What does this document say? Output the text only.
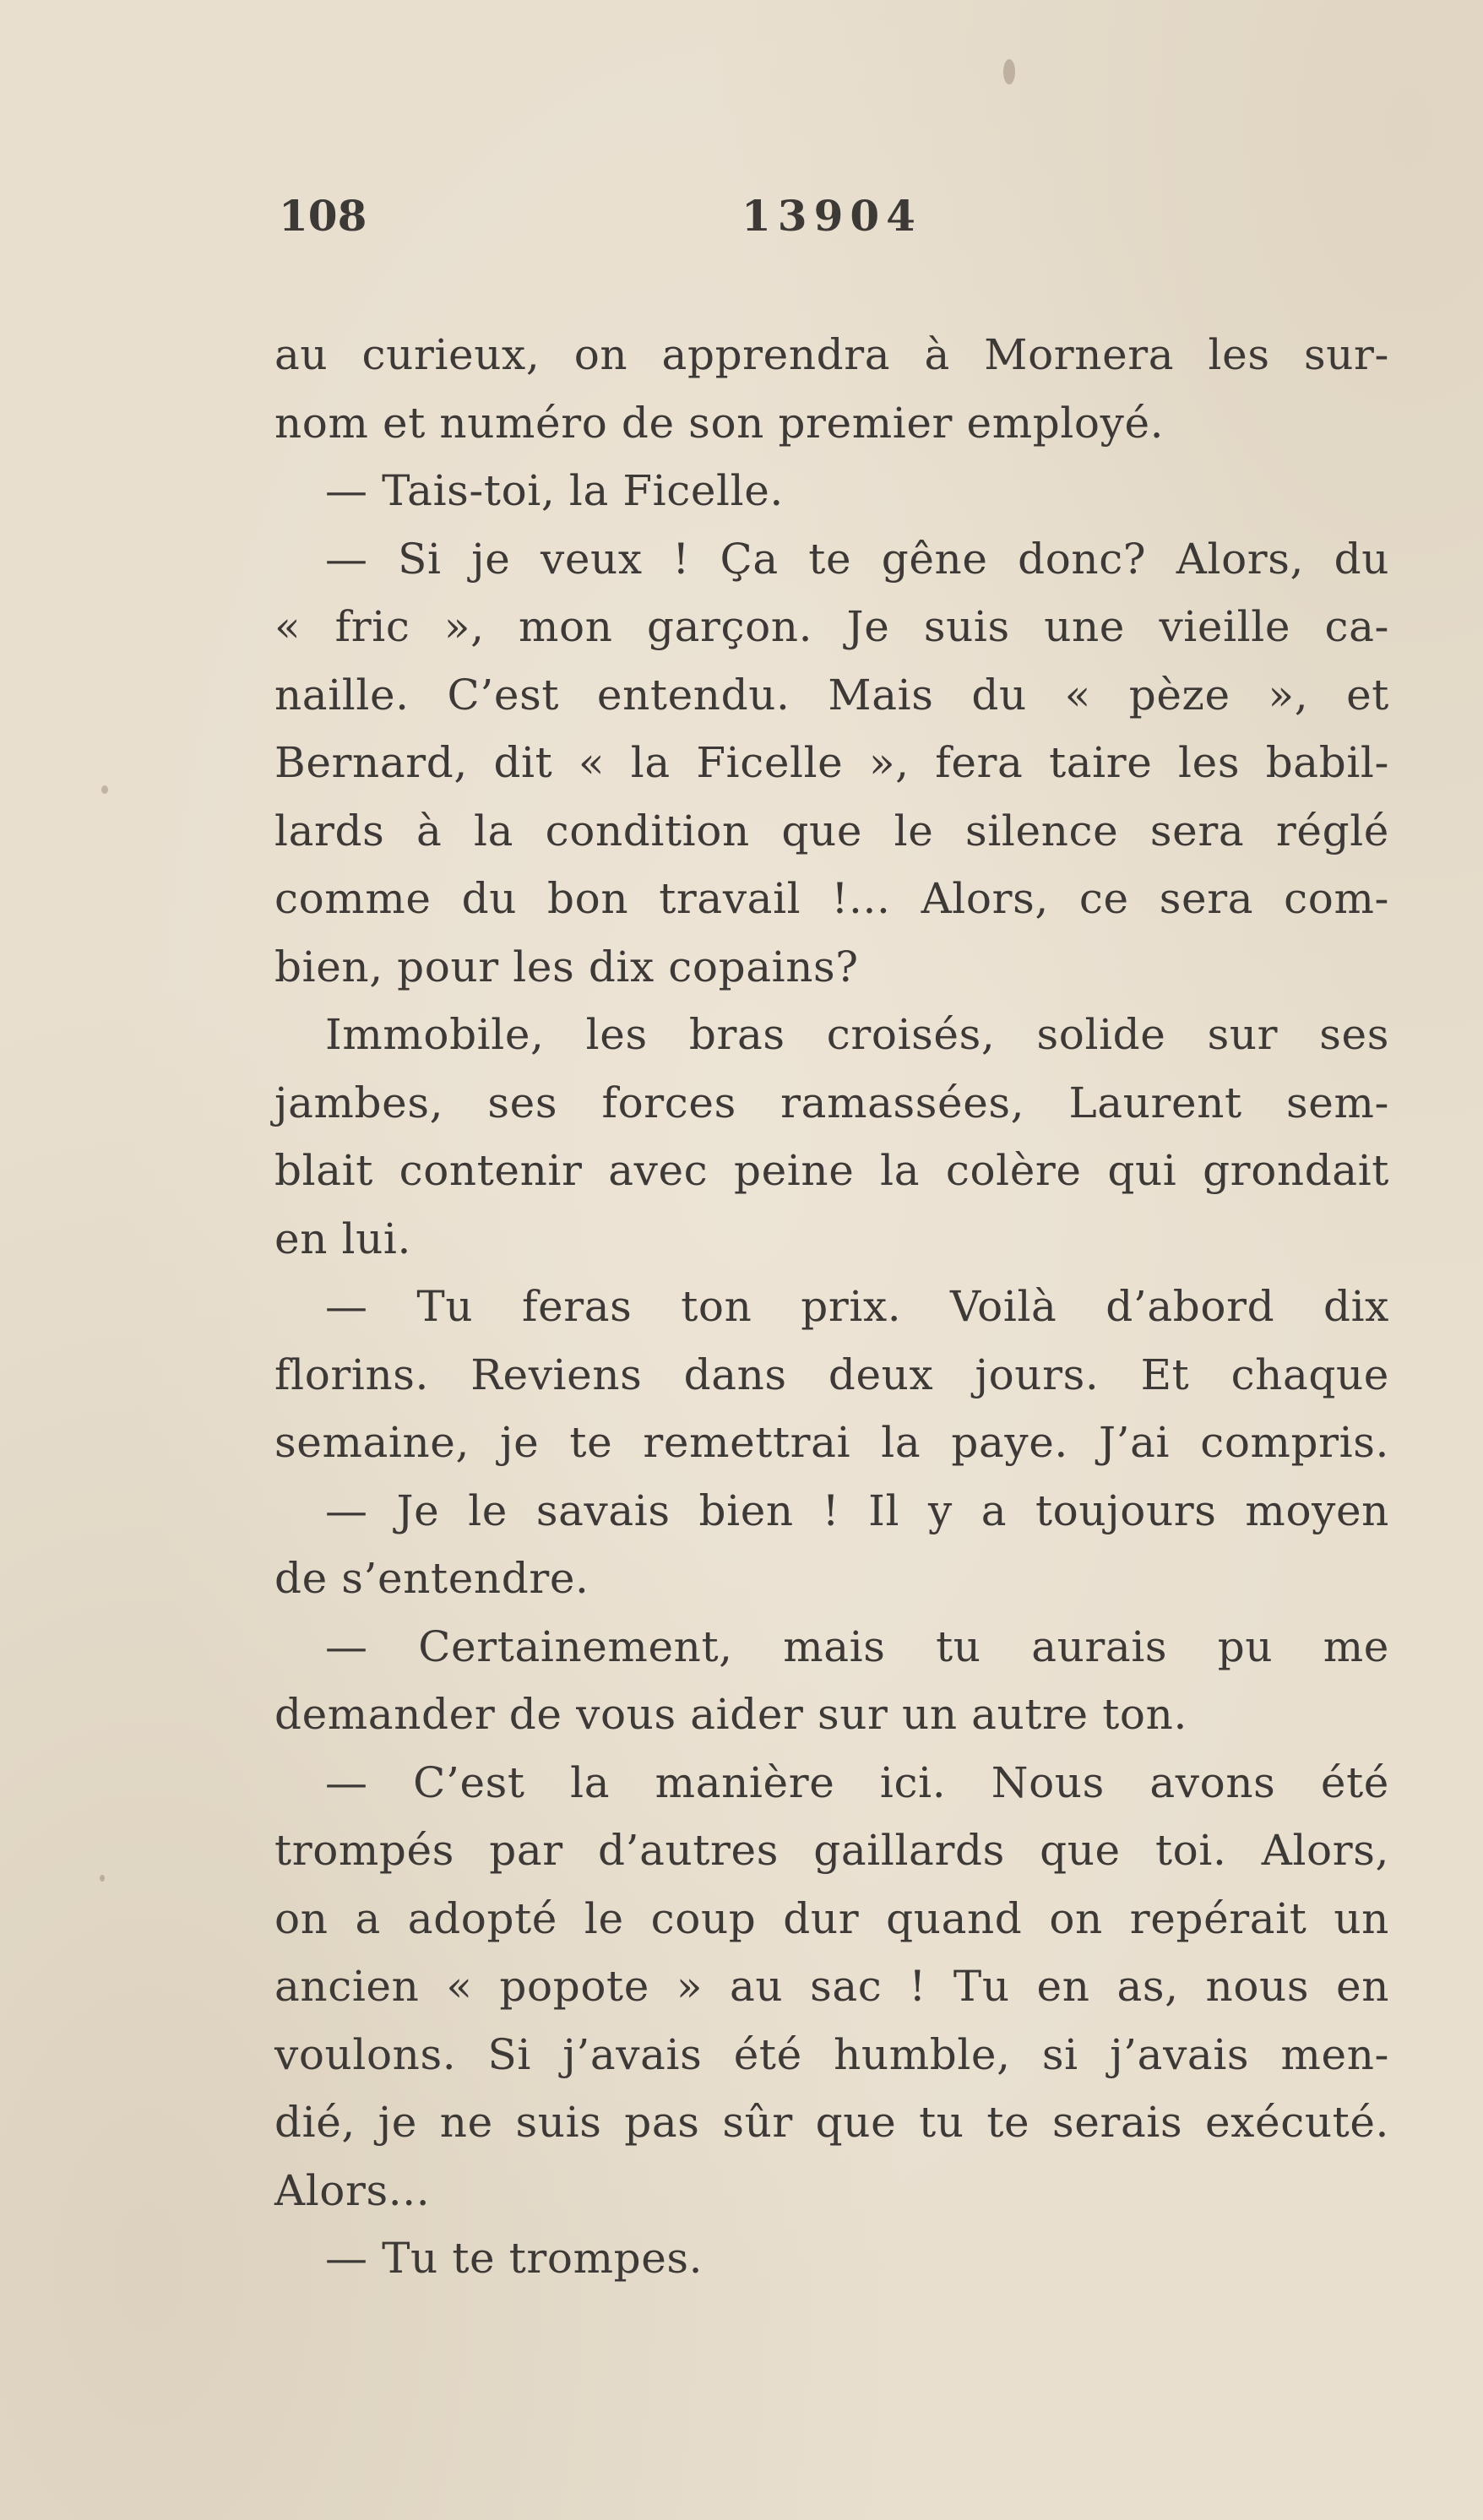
108	13904
au curieux, on apprendra à Mornera les sur-
nom et numéro de son premier employé.
— Tais-toi, la Ficelle.
— Si je veux ! Ça te gêne donc? Alors, du
« fric », mon garçon. Je suis une vieille ca-
naille. C’est entendu. Mais du « pèze », et
Bernard, dit « la Ficelle », fera taire les babil-
lards à la condition que le silence sera réglé
comme du bon travail !... Alors, ce sera com-
bien, pour les dix copains?
Immobile, les bras croisés, solide sur ses
jambes, ses forces ramassées, Laurent sem-
blait contenir avec peine la colère qui grondait
en lui.
— Tu feras ton prix. Voilà d’abord dix
florins. Reviens dans deux jours. Et chaque
semaine, je te remettrai la paye. J’ai compris.
— Je le savais bien ! Il y a toujours moyen
de s’entendre.
— Certainement, mais tu aurais pu me
demander de vous aider sur un autre ton.
— C’est la manière ici. Nous avons été
trompés par d’autres gaillards que toi. Alors,
on a adopté le coup dur quand on repérait un
ancien « popote » au sac ! Tu en as, nous en
voulons. Si j’avais été humble, si j’avais men-
dié, je ne suis pas sûr que tu te serais exécuté.
Alors...
— Tu te trompes.
